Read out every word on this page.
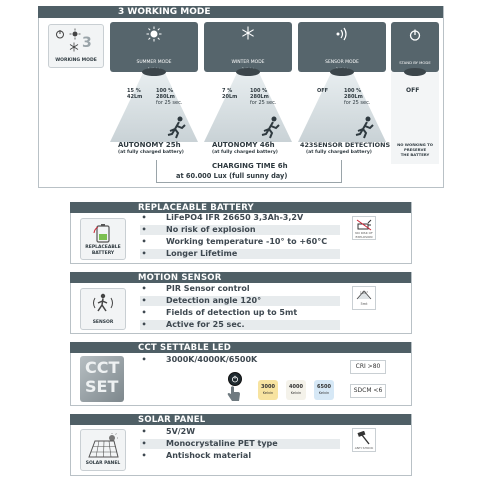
3 WORKING MODE
3
WORKING MODE	SUMMER MODE
15 %
42Lm
100 %
280Lm
for 25 sec.
AUTONOMY 25h
(at fully charged battery)
WINTER MODE
7 %
20Lm
100 %
280Lm
for 25 sec.
AUTONOMY 46h
(at fully charged battery)
SENSOR MODE
OFF	100 %
280Lm
for 25 sec.
423SENSOR DETECTIONS
(at fully charged battery)
STAND BY MODE
OFF
NO WORKING TO
PRESERVE
THE BATTERY
CHARGING TIME 6h
at 60.000 Lux (full sunny day)
REPLACEABLE BATTERY
REPLACEABLE
BATTERY
• LiFePO4 IFR 26650 3,3Ah-3,2V
• No risk of explosion
• Working temperature -10° to +60°C
• Longer Lifetime
NO RISK OF
EXPLOSION
MOTION SENSOR
SENSOR
• PIR Sensor control
• Detection angle 120°
• Fields of detection up to 5mt
• Active for 25 sec.
120°
5mt
CCT SETTABLE LED
CCT
SET
• 3000K/4000K/6500K
3000
Kelvin
4000
Kelvin
6500
Kelvin
CRI >80
SDCM <6
SOLAR PANEL
SOLAR PANEL
• 5V/2W
• Monocrystaline PET type
• Antishock material
ANTI SHOCK
